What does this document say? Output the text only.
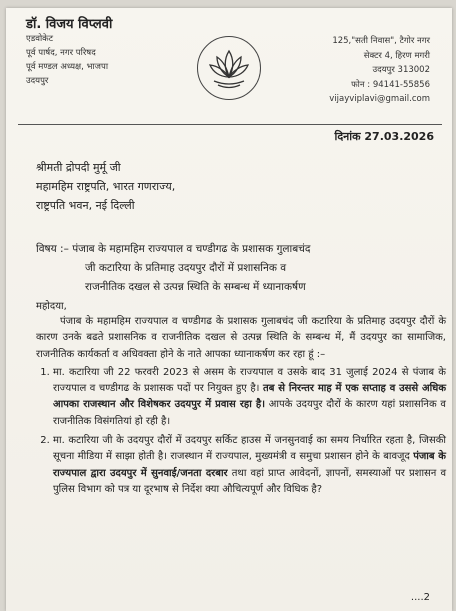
डॉ. विजय विप्लवी
एडवोकेट
पूर्व पार्षद, नगर परिषद
पूर्व मण्डल अध्यक्ष, भाजपा
उदयपुर
125,"सती निवास", टैगोर नगर
सेक्टर 4, हिरण मगरी
उदयपुर 313002
फोन : 94141-55856
vijayviplavi@gmail.com
दिनांक 27.03.2026
श्रीमती द्रोपदी मुर्मू जी
महामहिम राष्ट्रपति, भारत गणराज्य,
राष्ट्रपति भवन, नई दिल्ली
विषय :– पंजाब के महामहिम राज्यपाल व चण्डीगढ के प्रशासक गुलाबचंद
जी कटारिया के प्रतिमाह उदयपुर दौरों में प्रशासनिक व
राजनीतिक दखल से उत्पन्न स्थिति के सम्बन्ध में ध्यानाकर्षण
महोदया,

पंजाब के महामहिम राज्यपाल व चण्डीगढ के प्रशासक गुलाबचंद जी कटारिया के प्रतिमाह उदयपुर दौरों के कारण उनके बढते प्रशासनिक व राजनीतिक दखल से उत्पन्न स्थिति के सम्बन्ध में, मैं उदयपुर का सामाजिक, राजनीतिक कार्यकर्ता व अधिवक्ता होने के नाते आपका ध्यानाकर्षण कर रहा हूं :–

1. मा. कटारिया जी 22 फरवरी 2023 से असम के राज्यपाल व उसके बाद 31 जुलाई 2024 से पंजाब के राज्यपाल व चण्डीगढ के प्रशासक पदों पर नियुक्त हुए है। तब से निरन्तर माह में एक सप्ताह व उससे अधिक आपका राजस्थान और विशेषकर उदयपुर में प्रवास रहा है। आपके उदयपुर दौरों के कारण यहां प्रशासनिक व राजनीतिक विसंगतियां हो रही है।
2. मा. कटारिया जी के उदयपुर दौरों में उदयपुर सर्किट हाउस में जनसुनवाई का समय निर्धारित रहता है, जिसकी सूचना मीडिया में साझा होती है। राजस्थान में राज्यपाल, मुख्यमंत्री व समुचा प्रशासन होने के बावजूद पंजाब के राज्यपाल द्वारा उदयपुर में सुनवाई/जनता दरबार तथा वहां प्राप्त आवेदनों, ज्ञापनों, समस्याओं पर प्रशासन व पुलिस विभाग को पत्र या दूरभाष से निर्देश क्या औचित्यपूर्ण और विधिक है?
....2
